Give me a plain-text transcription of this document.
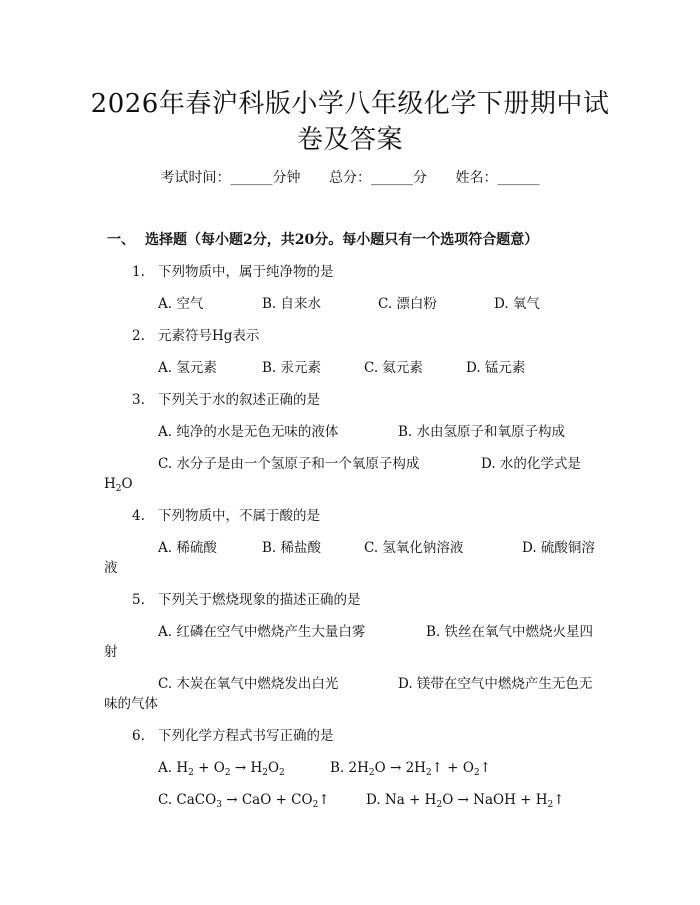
2026年春沪科版小学八年级化学下册期中试
卷及答案
考试时间：______分钟 总分：______分 姓名：______
一、 选择题（每小题2分，共20分。每小题只有一个选项符合题意）
1. 下列物质中，属于纯净物的是
A. 空气	B. 自来水	C. 漂白粉	D. 氧气
2. 元素符号Hg表示
A. 氢元素	B. 汞元素	C. 氦元素	D. 锰元素
3. 下列关于水的叙述正确的是
A. 纯净的水是无色无味的液体	B. 水由氢原子和氧原子构成
C. 水分子是由一个氢原子和一个氧原子构成	D. 水的化学式是
$H_2O$
4. 下列物质中，不属于酸的是
A. 稀硫酸	B. 稀盐酸	C. 氢氧化钠溶液	D. 硫酸铜溶
液
5. 下列关于燃烧现象的描述正确的是
A. 红磷在空气中燃烧产生大量白雾	B. 铁丝在氧气中燃烧火星四
射
C. 木炭在氧气中燃烧发出白光	D. 镁带在空气中燃烧产生无色无
味的气体
6. 下列化学方程式书写正确的是
A. $H_2 + O_2 \to H_2O_2$	B. $2H_2O$ → $2H_2↑$ + $O_2↑$
C. CaCO$_3$ → CaO + $CO_2↑$	D. $Na + H_2O$ → NaOH + $H_2↑$
